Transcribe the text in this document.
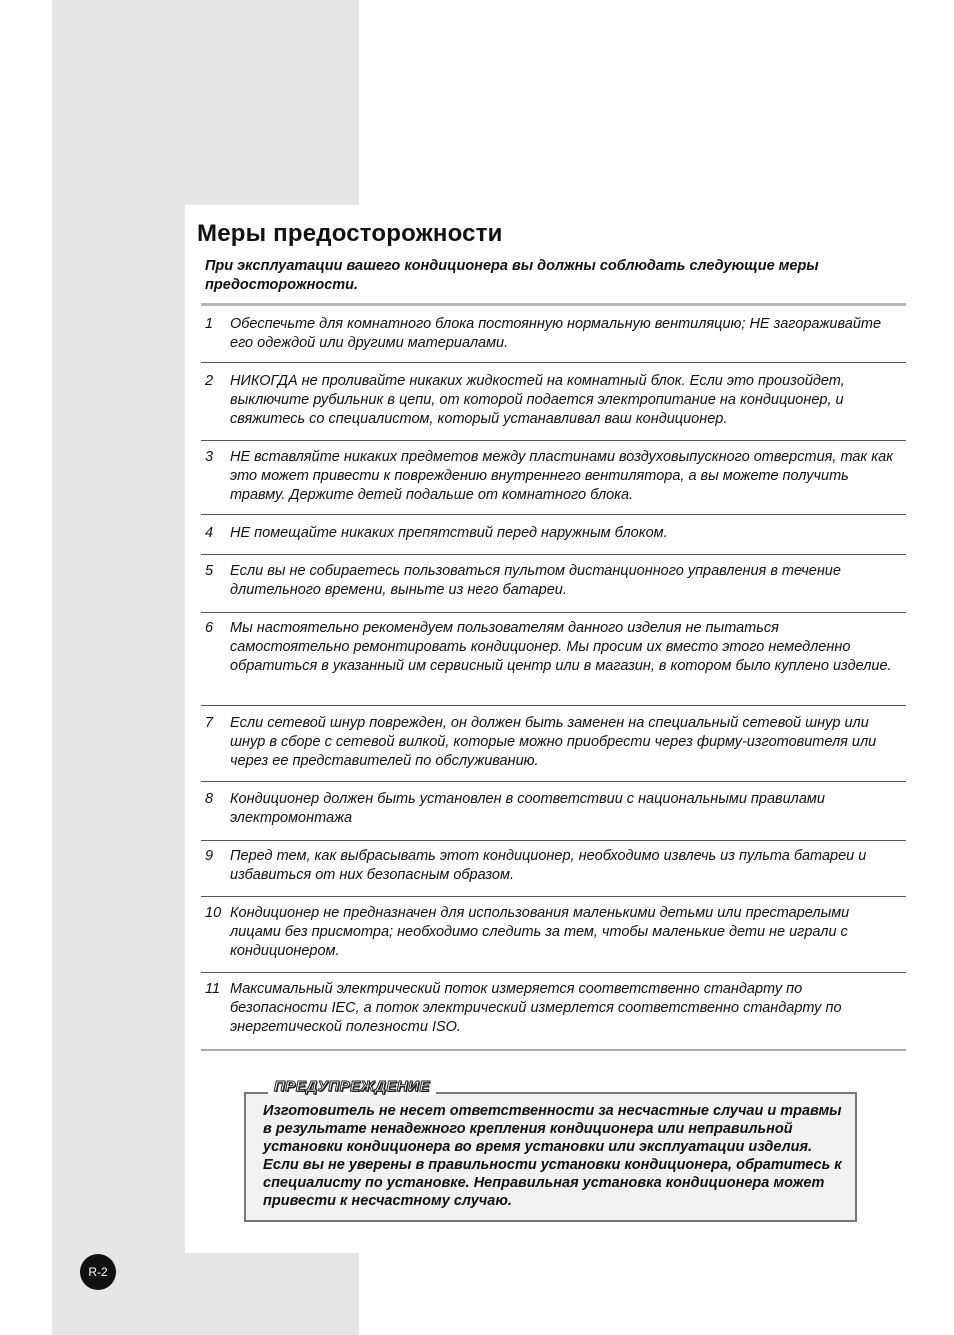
Меры предосторожности

При эксплуатации вашего кондиционера вы должны соблюдать следующие меры предосторожности.

1 Обеспечьте для комнатного блока постоянную нормальную вентиляцию; НЕ загораживайте его одеждой или другими материалами.
2 НИКОГДА не проливайте никаких жидкостей на комнатный блок. Если это произойдет, выключите рубильник в цепи, от которой подается электропитание на кондиционер, и свяжитесь со специалистом, который устанавливал ваш кондиционер.
3 НЕ вставляйте никаких предметов между пластинами воздуховыпускного отверстия, так как это может привести к повреждению внутреннего вентилятора, а вы можете получить травму. Держите детей подальше от комнатного блока.
4 НЕ помещайте никаких препятствий перед наружным блоком.
5 Если вы не собираетесь пользоваться пультом дистанционного управления в течение длительного времени, выньте из него батареи.
6 Мы настоятельно рекомендуем пользователям данного изделия не пытаться самостоятельно ремонтировать кондиционер. Мы просим их вместо этого немедленно обратиться в указанный им сервисный центр или в магазин, в котором было куплено изделие.
7 Если сетевой шнур поврежден, он должен быть заменен на специальный сетевой шнур или шнур в сборе с сетевой вилкой, которые можно приобрести через фирму-изготовителя или через ее представителей по обслуживанию.
8 Кондиционер должен быть установлен в соответствии с национальными правилами электромонтажа
9 Перед тем, как выбрасывать этот кондиционер, необходимо извлечь из пульта батареи и избавиться от них безопасным образом.
10 Кондиционер не предназначен для использования маленькими детьми или престарелыми лицами без присмотра; необходимо следить за тем, чтобы маленькие дети не играли с кондиционером.
11 Максимальный электрический поток измеряется соответственно стандарту по безопасности IEC, а поток электрический измерлется соответственно стандарту по энергетической полезности ISO.
ПРЕДУПРЕЖДЕНИЕ

Изготовитель не несет ответственности за несчастные случаи и травмы в результате ненадежного крепления кондиционера или неправильной установки кондиционера во время установки или эксплуатации изделия. Если вы не уверены в правильности установки кондиционера, обратитесь к специалисту по установке. Неправильная установка кондиционера может привести к несчастному случаю.

R-2
